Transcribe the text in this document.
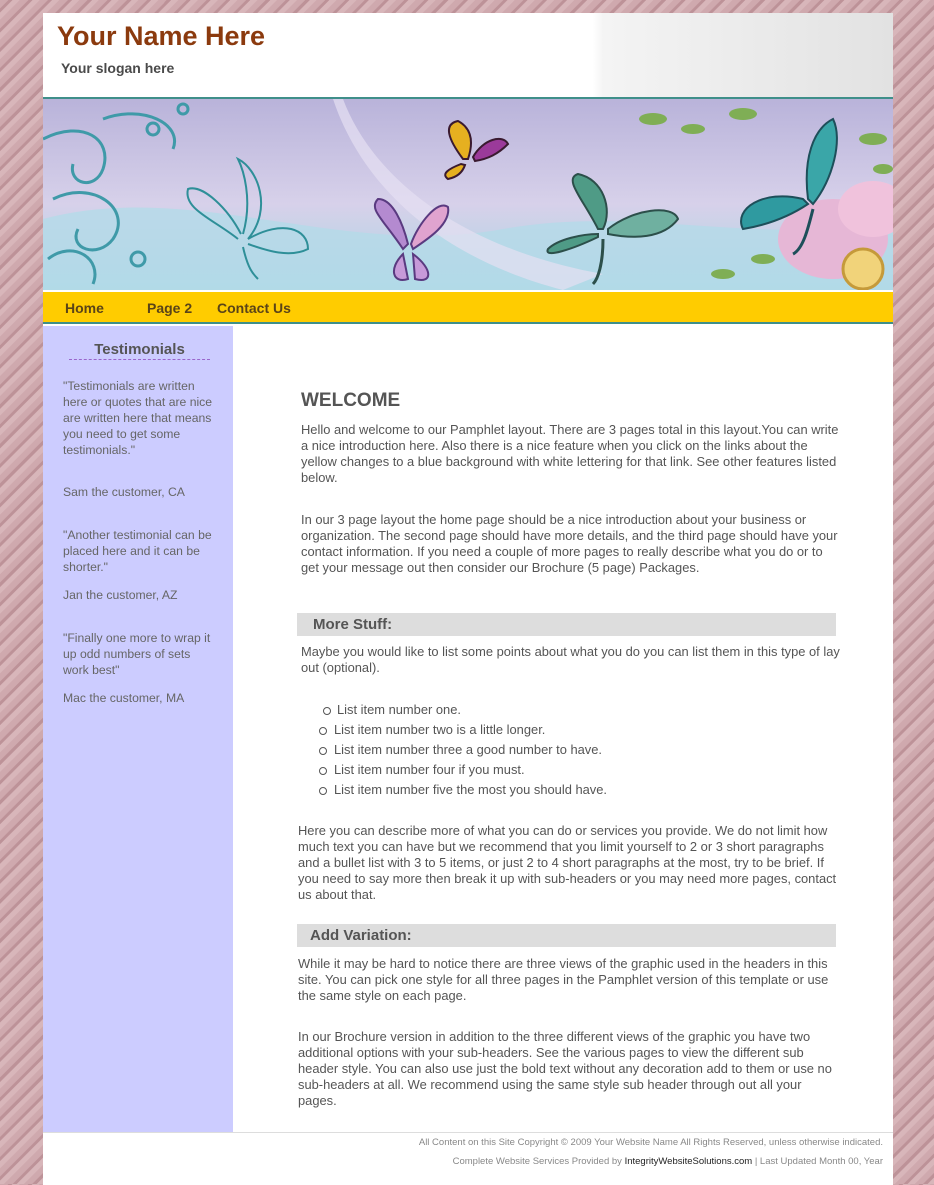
Your Name Here
Your slogan here
Home	Page 2 Contact Us
Testimonials
"Testimonials are written here or quotes that are nice are written here that means you need to get some testimonials."
Sam the customer, CA
"Another testimonial can be placed here and it can be shorter."
Jan the customer, AZ
"Finally one more to wrap it up odd numbers of sets work best"
Mac the customer, MA
WELCOME
Hello and welcome to our Pamphlet layout. There are 3 pages total in this layout.You can write a nice introduction here. Also there is a nice feature when you click on the links about the yellow changes to a blue background with white lettering for that link. See other features listed below.
In our 3 page layout the home page should be a nice introduction about your business or organization. The second page should have more details, and the third page should have your contact information. If you need a couple of more pages to really describe what you do or to get your message out then consider our Brochure (5 page) Packages.
More Stuff:
Maybe you would like to list some points about what you do you can list them in this type of lay out (optional).
List item number one.
List item number two is a little longer.
List item number three a good number to have.
List item number four if you must.
List item number five the most you should have.
Here you can describe more of what you can do or services you provide. We do not limit how much text you can have but we recommend that you limit yourself to 2 or 3 short paragraphs and a bullet list with 3 to 5 items, or just 2 to 4 short paragraphs at the most, try to be brief. If you need to say more then break it up with sub-headers or you may need more pages, contact us about that.
Add Variation:
While it may be hard to notice there are three views of the graphic used in the headers in this site. You can pick one style for all three pages in the Pamphlet version of this template or use the same style on each page.
In our Brochure version in addition to the three different views of the graphic you have two additional options with your sub-headers. See the various pages to view the different sub header style. You can also use just the bold text without any decoration add to them or use no sub-headers at all. We recommend using the same style sub header through out all your pages.
All Content on this Site Copyright © 2009 Your Website Name All Rights Reserved, unless otherwise indicated.
Complete Website Services Provided by IntegrityWebsiteSolutions.com | Last Updated Month 00, Year
